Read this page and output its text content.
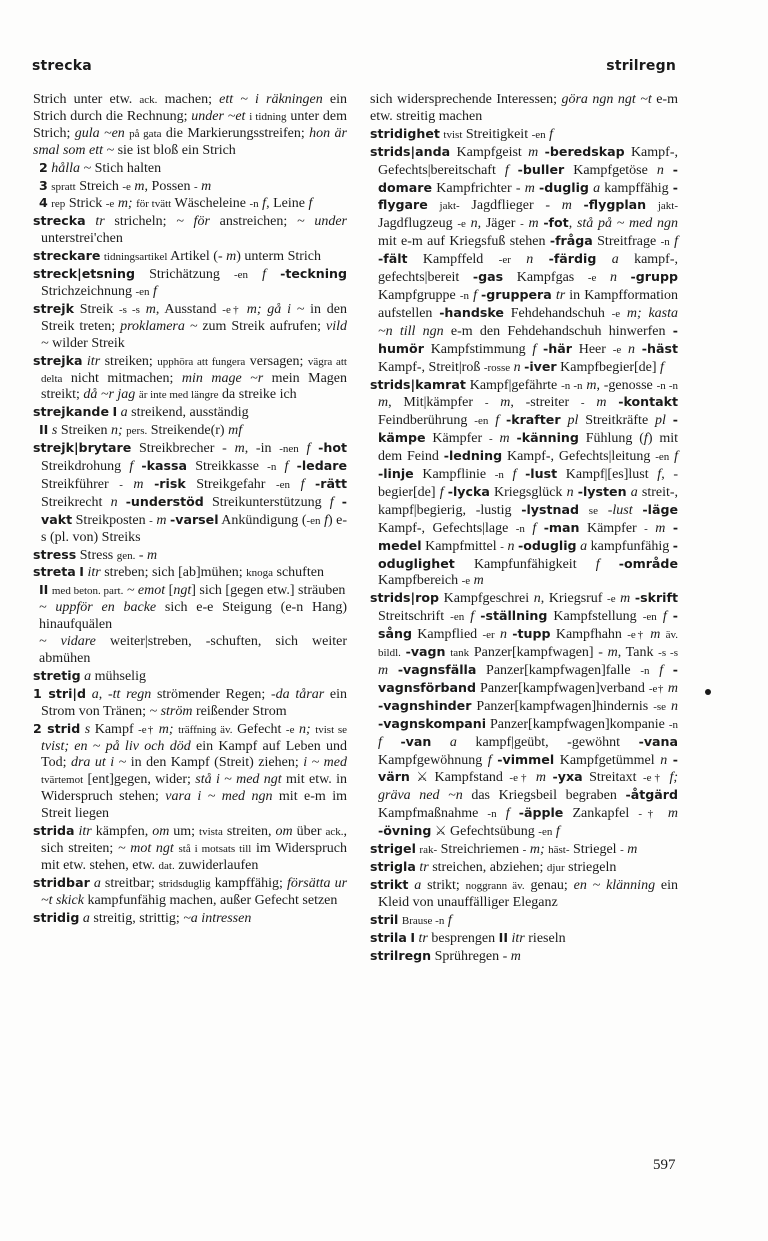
strecka	strilregn

Strich unter etw. ack. machen; ett ~ i räkningen ein Strich durch die Rechnung; under ~et i tidning unter dem Strich; gula ~en på gata die Markierungsstreifen; hon är smal som ett ~ sie ist bloß ein Strich

2 hålla ~ Stich halten

3 spratt Streich -e m, Possen - m

4 rep Strick -e m; för tvätt Wäscheleine -n f, Leine f

strecka tr stricheln; ~ för anstreichen; ~ under unterstrei'chen

streckare tidningsartikel Artikel (- m) unterm Strich

streck|etsning Strichätzung -en f -teckning Strichzeichnung -en f

strejk Streik -s -s m, Ausstand -e† m; gå i ~ in den Streik treten; proklamera ~ zum Streik aufrufen; vild ~ wilder Streik

strejka itr streiken; upphöra att fungera versagen; vägra att delta nicht mitmachen; min mage ~r mein Magen streikt; då ~r jag är inte med längre da streike ich

strejkande I a streikend, ausständig

II s Streiken n; pers. Streikende(r) mf

strejk|brytare Streikbrecher - m, -in -nen f -hot Streikdrohung f -kassa Streikkasse -n f -ledare Streikführer - m -risk Streikgefahr -en f -rätt Streikrecht n -understöd Streikunterstützung f -vakt Streikposten - m -varsel Ankündigung (-en f) e-s (pl. von) Streiks

stress Stress gen. - m

streta I itr streben; sich [ab]mühen; knoga schuften

II med beton. part. ~ emot [ngt] sich [gegen etw.] sträuben

~ uppför en backe sich e-e Steigung (e-n Hang) hinaufquälen

~ vidare weiter|streben, -schuften, sich weiter abmühen

stretig a mühselig

1 stri|d a, -tt regn strömender Regen; -da tårar ein Strom von Tränen; ~ ström reißender Strom

2 strid s Kampf -e† m; träffning äv. Gefecht -e n; tvist se tvist; en ~ på liv och död ein Kampf auf Leben und Tod; dra ut i ~ in den Kampf (Streit) ziehen; i ~ med tvärtemot [ent]gegen, wider; stå i ~ med ngt mit etw. in Widerspruch stehen; vara i ~ med ngn mit e-m im Streit liegen

strida itr kämpfen, om um; tvista streiten, om über ack., sich streiten; ~ mot ngt stå i motsats till im Widerspruch mit etw. stehen, etw. dat. zuwiderlaufen

stridbar a streitbar; stridsduglig kampffähig; försätta ur ~t skick kampfunfähig machen, außer Gefecht setzen

stridig a streitig, strittig; ~a intressen

sich widersprechende Interessen; göra ngn ngt ~t e-m etw. streitig machen

stridighet tvist Streitigkeit -en f

strids|anda Kampfgeist m -beredskap Kampf-, Gefechts|bereitschaft f -buller Kampfgetöse n -domare Kampfrichter - m -duglig a kampffähig -flygare jakt- Jagdflieger - m -flygplan jakt- Jagdflugzeug -e n, Jäger - m -fot, stå på ~ med ngn mit e-m auf Kriegsfuß stehen -fråga Streitfrage -n f -fält Kampffeld -er n -färdig a kampf-, gefechts|bereit -gas Kampfgas -e n -grupp Kampfgruppe -n f -gruppera tr in Kampfformation aufstellen -handske Fehdehandschuh -e m; kasta ~n till ngn e-m den Fehdehandschuh hinwerfen -humör Kampfstimmung f -här Heer -e n -häst Kampf-, Streit|roß -rosse n -iver Kampfbegier[de] f

strids|kamrat Kampf|gefährte -n -n m, -genosse -n -n m, Mit|kämpfer - m, -streiter - m -kontakt Feindberührung -en f -krafter pl Streitkräfte pl -kämpe Kämpfer - m -känning Fühlung (f) mit dem Feind -ledning Kampf-, Gefechts|leitung -en f -linje Kampflinie -n f -lust Kampf|[es]lust f, -begier[de] f -lycka Kriegsglück n -lysten a streit-, kampf|begierig, -lustig -lystnad se -lust -läge Kampf-, Gefechts|lage -n f -man Kämpfer - m -medel Kampfmittel - n -oduglig a kampfunfähig -oduglighet Kampfunfähigkeit f -område Kampfbereich -e m

strids|rop Kampfgeschrei n, Kriegsruf -e m -skrift Streitschrift -en f -ställning Kampfstellung -en f -sång Kampflied -er n -tupp Kampfhahn -e† m äv. bildl. -vagn tank Panzer[kampfwagen] - m, Tank -s -s m -vagnsfälla Panzer[kampfwagen]falle -n f -vagnsförband Panzer[kampfwagen]verband -e† m -vagnshinder Panzer[kampfwagen]hindernis -se n -vagnskompani Panzer[kampfwagen]kompanie -n f -van a kampf|geübt, -gewöhnt -vana Kampfgewöhnung f -vimmel Kampfgetümmel n -värn ⚔ Kampfstand -e† m -yxa Streitaxt -e† f; gräva ned ~n das Kriegsbeil begraben -åtgärd Kampfmaßnahme -n f -äpple Zankapfel -† m -övning ⚔ Gefechtsübung -en f

strigel rak- Streichriemen - m; häst- Striegel - m

strigla tr streichen, abziehen; djur striegeln

strikt a strikt; noggrann äv. genau; en ~ klänning ein Kleid von unauffälliger Eleganz

stril Brause -n f

strila I tr besprengen II itr rieseln

strilregn Sprühregen - m

597
